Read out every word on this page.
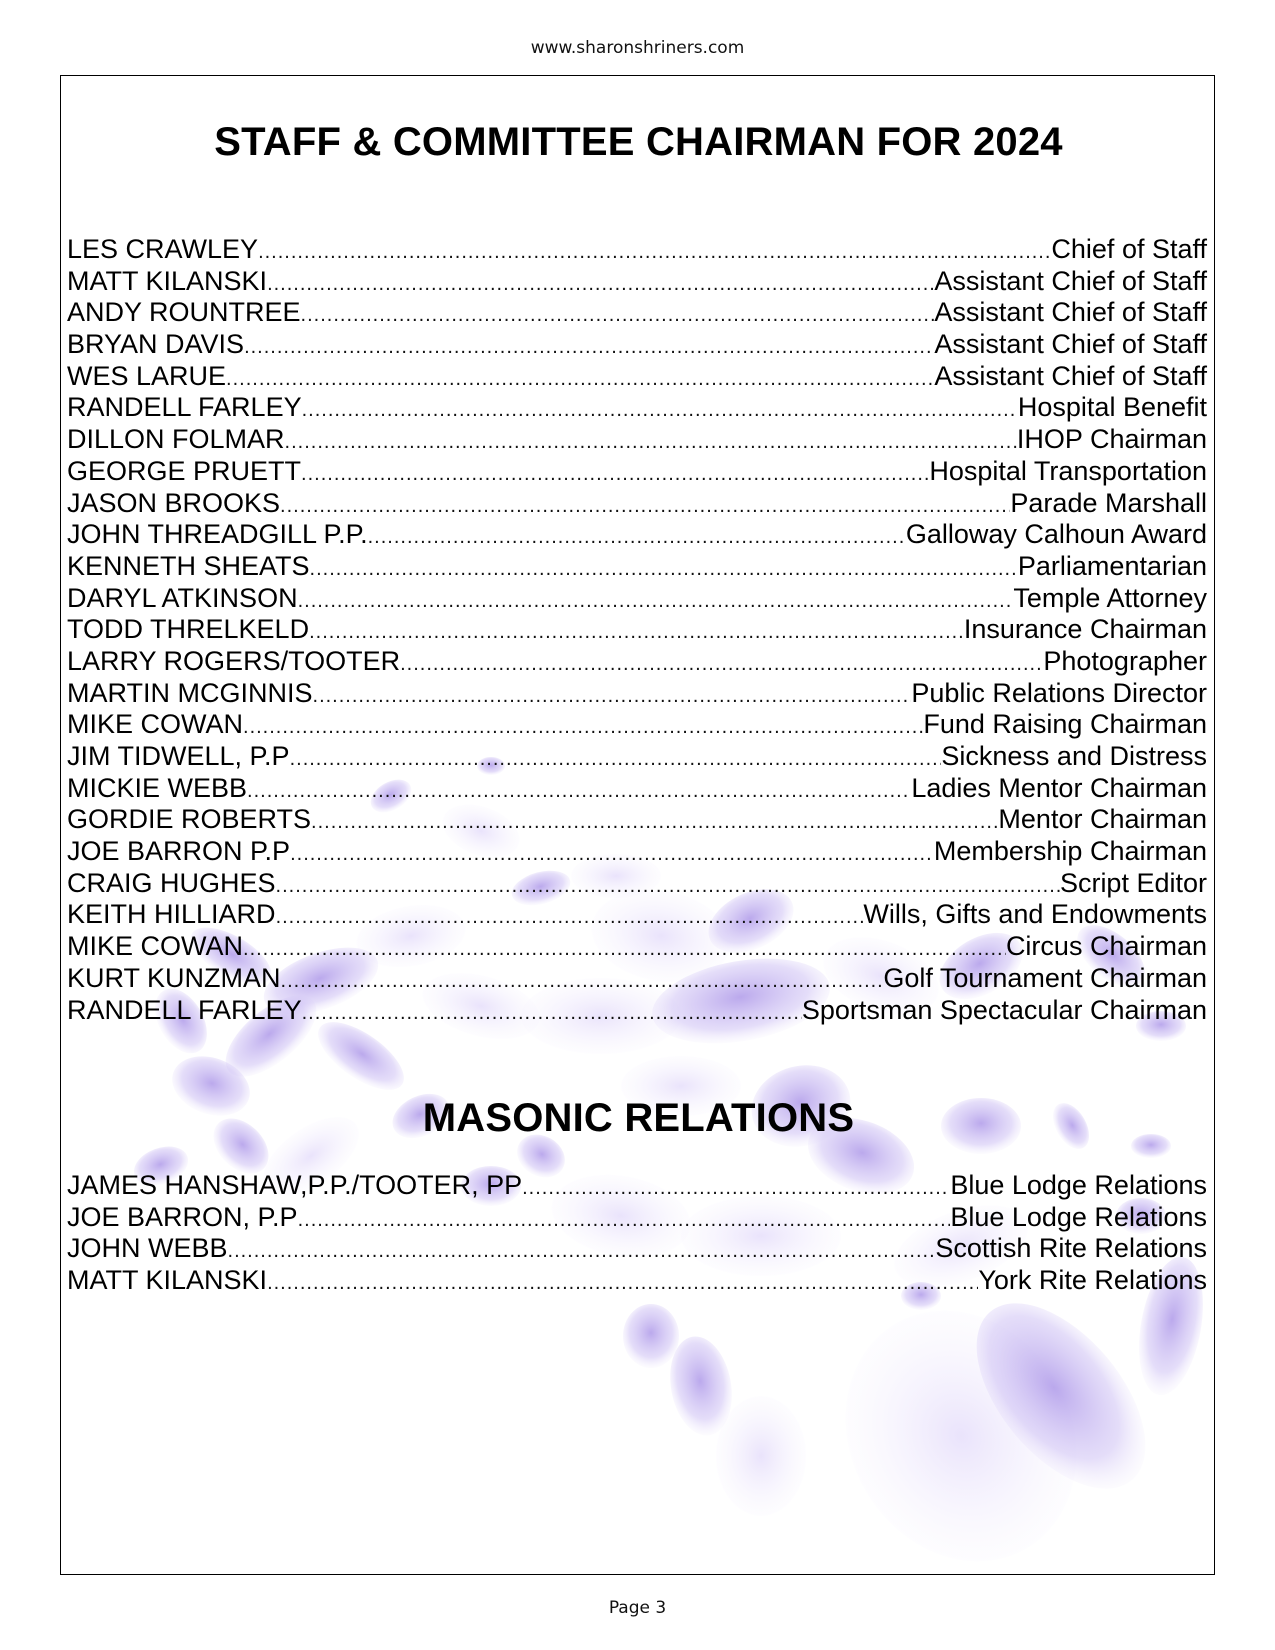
www.sharonshriners.com
STAFF & COMMITTEE CHAIRMAN FOR 2024
LES CRAWLEY .....	Chief of Staff
MATT KILANSKI .....	Assistant Chief of Staff
ANDY ROUNTREE .....	Assistant Chief of Staff
BRYAN DAVIS .....	Assistant Chief of Staff
WES LARUE .....	Assistant Chief of Staff
RANDELL FARLEY .....	Hospital Benefit
DILLON FOLMAR .....	IHOP Chairman
GEORGE PRUETT .....	Hospital Transportation
JASON BROOKS .....	Parade Marshall
JOHN THREADGILL P.P. .....	Galloway Calhoun Award
KENNETH SHEATS .....	Parliamentarian
DARYL ATKINSON .....	Temple Attorney
TODD THRELKELD .....	Insurance Chairman
LARRY ROGERS/TOOTER .....	Photographer
MARTIN MCGINNIS .....	Public Relations Director
MIKE COWAN .....	Fund Raising Chairman
JIM TIDWELL, P.P .....	Sickness and Distress
MICKIE WEBB .....	Ladies Mentor Chairman
GORDIE ROBERTS .....	Mentor Chairman
JOE BARRON P.P .....	Membership Chairman
CRAIG HUGHES .....	Script Editor
KEITH HILLIARD .....	Wills, Gifts and Endowments
MIKE COWAN .....	Circus Chairman
KURT KUNZMAN .....	Golf Tournament Chairman
RANDELL FARLEY .....	Sportsman Spectacular Chairman
MASONIC RELATIONS
JAMES HANSHAW,P.P./TOOTER, PP .....	Blue Lodge Relations
JOE BARRON, P.P .....	Blue Lodge Relations
JOHN WEBB .....	Scottish Rite Relations
MATT KILANSKI .....	York Rite Relations
Page 3
